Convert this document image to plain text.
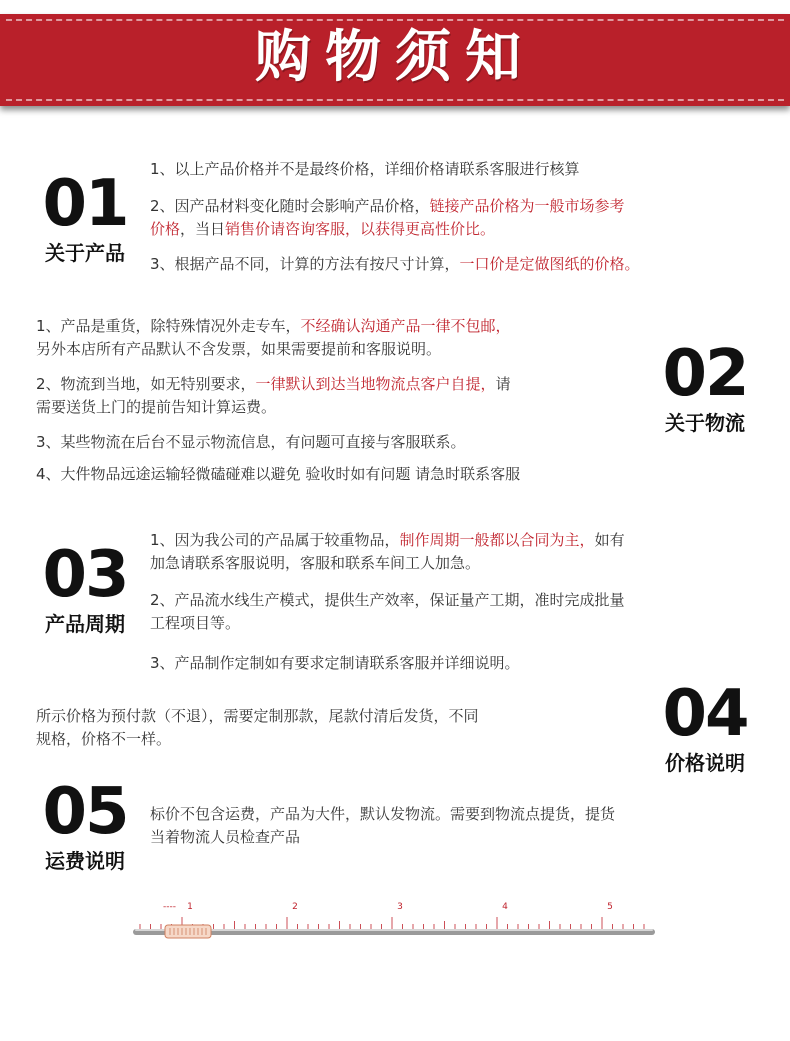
购物须知
01
关于产品
1、以上产品价格并不是最终价格，详细价格请联系客服进行核算
2、因产品材料变化随时会影响产品价格，链接产品价格为一般市场参考
价格，当日销售价请咨询客服，以获得更高性价比。
3、根据产品不同，计算的方法有按尺寸计算，一口价是定做图纸的价格。
02
关于物流
1、产品是重货，除特殊情况外走专车，不经确认沟通产品一律不包邮，
另外本店所有产品默认不含发票，如果需要提前和客服说明。
2、物流到当地，如无特别要求，一律默认到达当地物流点客户自提，请
需要送货上门的提前告知计算运费。
3、某些物流在后台不显示物流信息，有问题可直接与客服联系。
4、大件物品远途运输轻微磕碰难以避免 验收时如有问题 请急时联系客服
03
产品周期
1、因为我公司的产品属于较重物品，制作周期一般都以合同为主，如有
加急请联系客服说明，客服和联系车间工人加急。
2、产品流水线生产模式，提供生产效率，保证量产工期，准时完成批量
工程项目等。
3、产品制作定制如有要求定制请联系客服并详细说明。
04
价格说明
所示价格为预付款（不退），需要定制那款，尾款付清后发货，不同
规格，价格不一样。
05
运费说明
标价不包含运费，产品为大件，默认发物流。需要到物流点提货，提货
当着物流人员检查产品
---- 1	2	3	4	5
